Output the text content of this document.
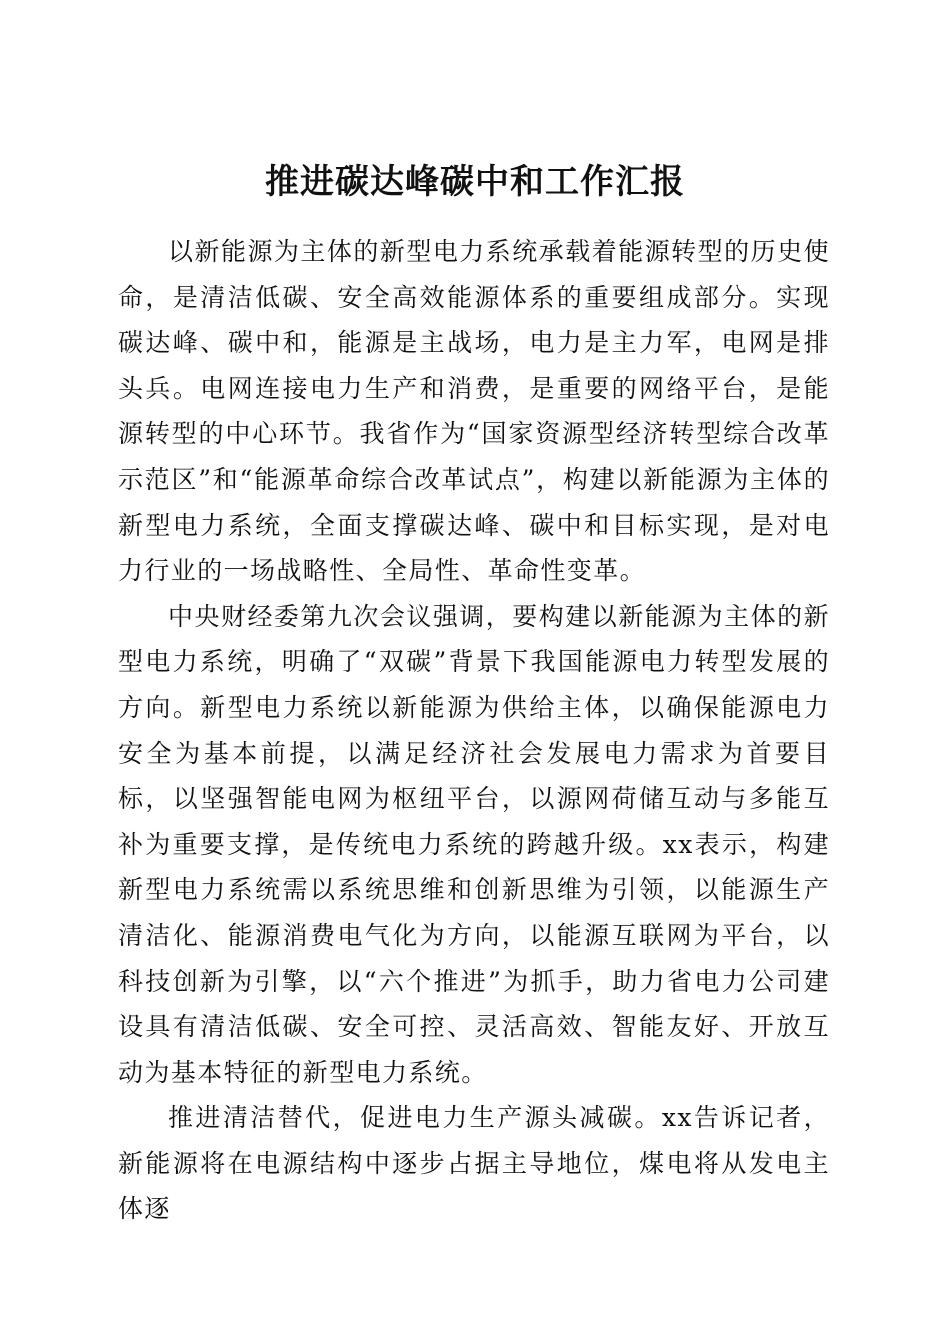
推进碳达峰碳中和工作汇报

以新能源为主体的新型电力系统承载着能源转型的历史使命，是清洁低碳、安全高效能源体系的重要组成部分。实现碳达峰、碳中和，能源是主战场，电力是主力军，电网是排头兵。电网连接电力生产和消费，是重要的网络平台，是能源转型的中心环节。我省作为“国家资源型经济转型综合改革示范区”和“能源革命综合改革试点”，构建以新能源为主体的新型电力系统，全面支撑碳达峰、碳中和目标实现，是对电力行业的一场战略性、全局性、革命性变革。

中央财经委第九次会议强调，要构建以新能源为主体的新型电力系统，明确了“双碳”背景下我国能源电力转型发展的方向。新型电力系统以新能源为供给主体，以确保能源电力安全为基本前提，以满足经济社会发展电力需求为首要目标，以坚强智能电网为枢纽平台，以源网荷储互动与多能互补为重要支撑，是传统电力系统的跨越升级。xx表示，构建新型电力系统需以系统思维和创新思维为引领，以能源生产清洁化、能源消费电气化为方向，以能源互联网为平台，以科技创新为引擎，以“六个推进”为抓手，助力省电力公司建设具有清洁低碳、安全可控、灵活高效、智能友好、开放互动为基本特征的新型电力系统。

推进清洁替代，促进电力生产源头减碳。xx告诉记者，新能源将在电源结构中逐步占据主导地位，煤电将从发电主体逐
